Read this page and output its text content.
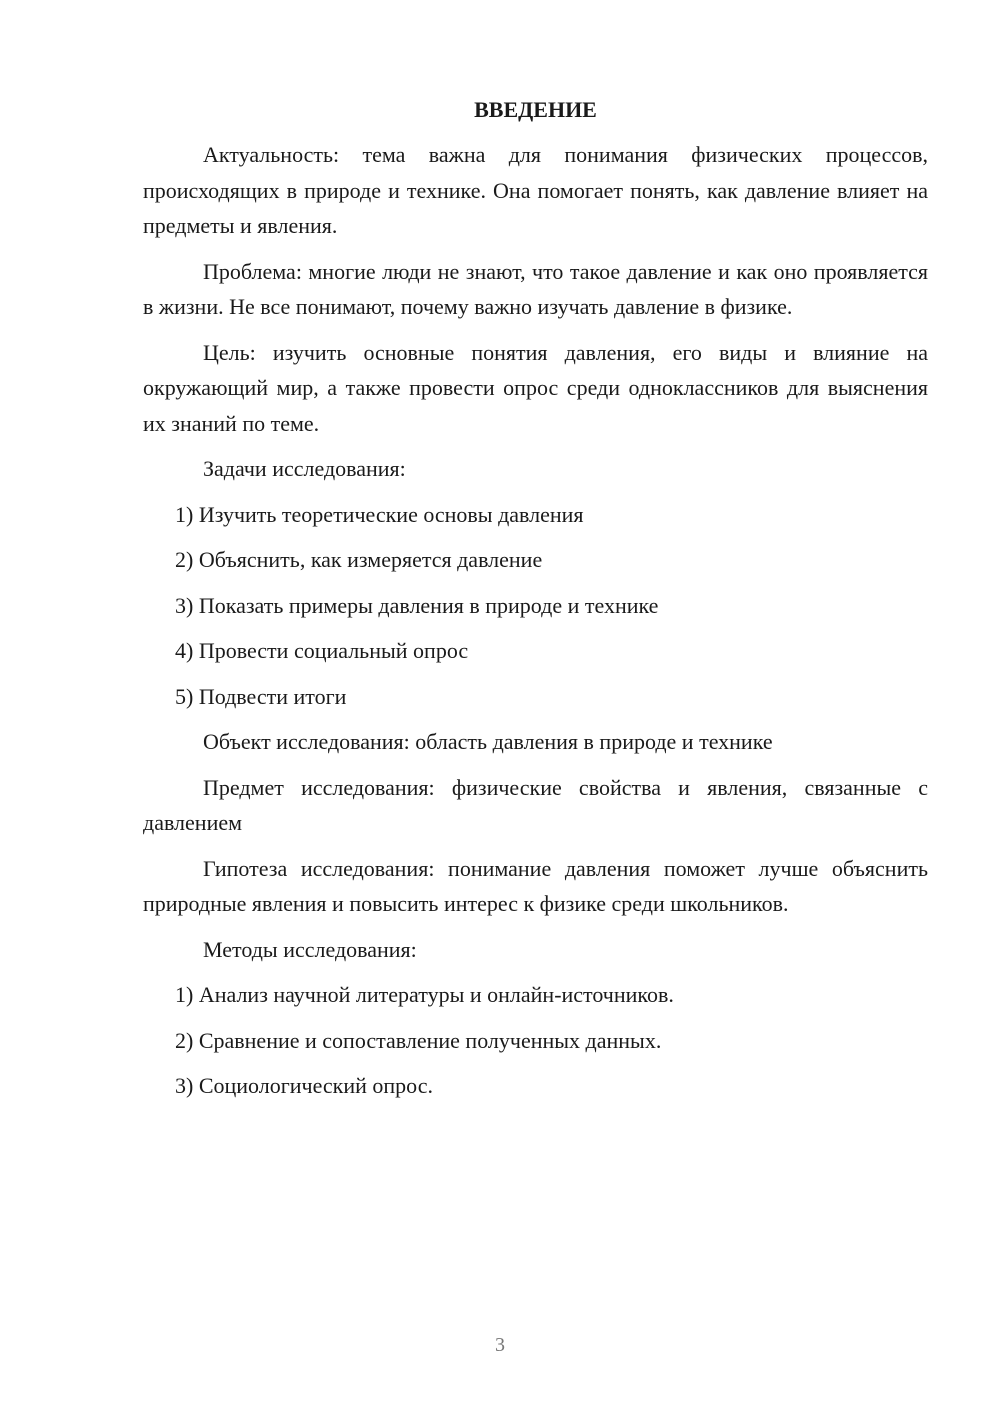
ВВЕДЕНИЕ
Актуальность: тема важна для понимания физических процессов, происходящих в природе и технике. Она помогает понять, как давление влияет на предметы и явления.
Проблема: многие люди не знают, что такое давление и как оно проявляется в жизни. Не все понимают, почему важно изучать давление в физике.
Цель: изучить основные понятия давления, его виды и влияние на окружающий мир, а также провести опрос среди одноклассников для выяснения их знаний по теме.
Задачи исследования:
1) Изучить теоретические основы давления
2) Объяснить, как измеряется давление
3) Показать примеры давления в природе и технике
4) Провести социальный опрос
5) Подвести итоги
Объект исследования: область давления в природе и технике
Предмет исследования: физические свойства и явления, связанные с давлением
Гипотеза исследования: понимание давления поможет лучше объяснить природные явления и повысить интерес к физике среди школьников.
Методы исследования:
1) Анализ научной литературы и онлайн-источников.
2) Сравнение и сопоставление полученных данных.
3) Социологический опрос.
3
